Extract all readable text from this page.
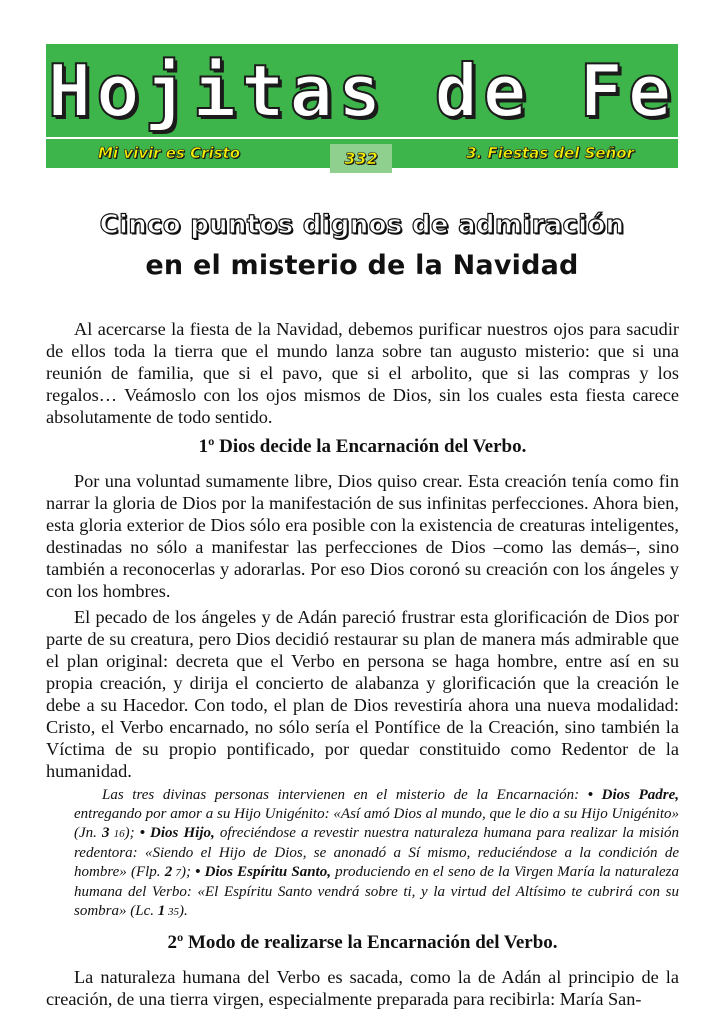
Hojitas de Fe
Mi vivir es Cristo	332	3. Fiestas del Señor
Cinco puntos dignos de admiración
en el misterio de la Navidad

Al acercarse la fiesta de la Navidad, debemos purificar nuestros ojos para sacudir de ellos toda la tierra que el mundo lanza sobre tan augusto misterio: que si una reunión de familia, que si el pavo, que si el arbolito, que si las compras y los regalos… Veámoslo con los ojos mismos de Dios, sin los cuales esta fiesta carece absolutamente de todo sentido.

1º Dios decide la Encarnación del Verbo.

Por una voluntad sumamente libre, Dios quiso crear. Esta creación tenía como fin narrar la gloria de Dios por la manifestación de sus infinitas perfecciones. Ahora bien, esta gloria exterior de Dios sólo era posible con la existencia de creaturas inteligentes, destinadas no sólo a manifestar las perfecciones de Dios –como las demás–, sino también a reconocerlas y adorarlas. Por eso Dios coronó su creación con los ángeles y con los hombres.

El pecado de los ángeles y de Adán pareció frustrar esta glorificación de Dios por parte de su creatura, pero Dios decidió restaurar su plan de manera más admirable que el plan original: decreta que el Verbo en persona se haga hombre, entre así en su propia creación, y dirija el concierto de alabanza y glorificación que la creación le debe a su Hacedor. Con todo, el plan de Dios revestiría ahora una nueva modalidad: Cristo, el Verbo encarnado, no sólo sería el Pontífice de la Creación, sino también la Víctima de su propio pontificado, por quedar constituido como Redentor de la humanidad.

Las tres divinas personas intervienen en el misterio de la Encarnación: • Dios Padre, entregando por amor a su Hijo Unigénito: «Así amó Dios al mundo, que le dio a su Hijo Unigénito» (Jn. 3 16); • Dios Hijo, ofreciéndose a revestir nuestra naturaleza humana para realizar la misión redentora: «Siendo el Hijo de Dios, se anonadó a Sí mismo, reduciéndose a la condición de hombre» (Flp. 2 7); • Dios Espíritu Santo, produciendo en el seno de la Virgen María la naturaleza humana del Verbo: «El Espíritu Santo vendrá sobre ti, y la virtud del Altísimo te cubrirá con su sombra» (Lc. 1 35).

2º Modo de realizarse la Encarnación del Verbo.

La naturaleza humana del Verbo es sacada, como la de Adán al principio de la creación, de una tierra virgen, especialmente preparada para recibirla: María San-
